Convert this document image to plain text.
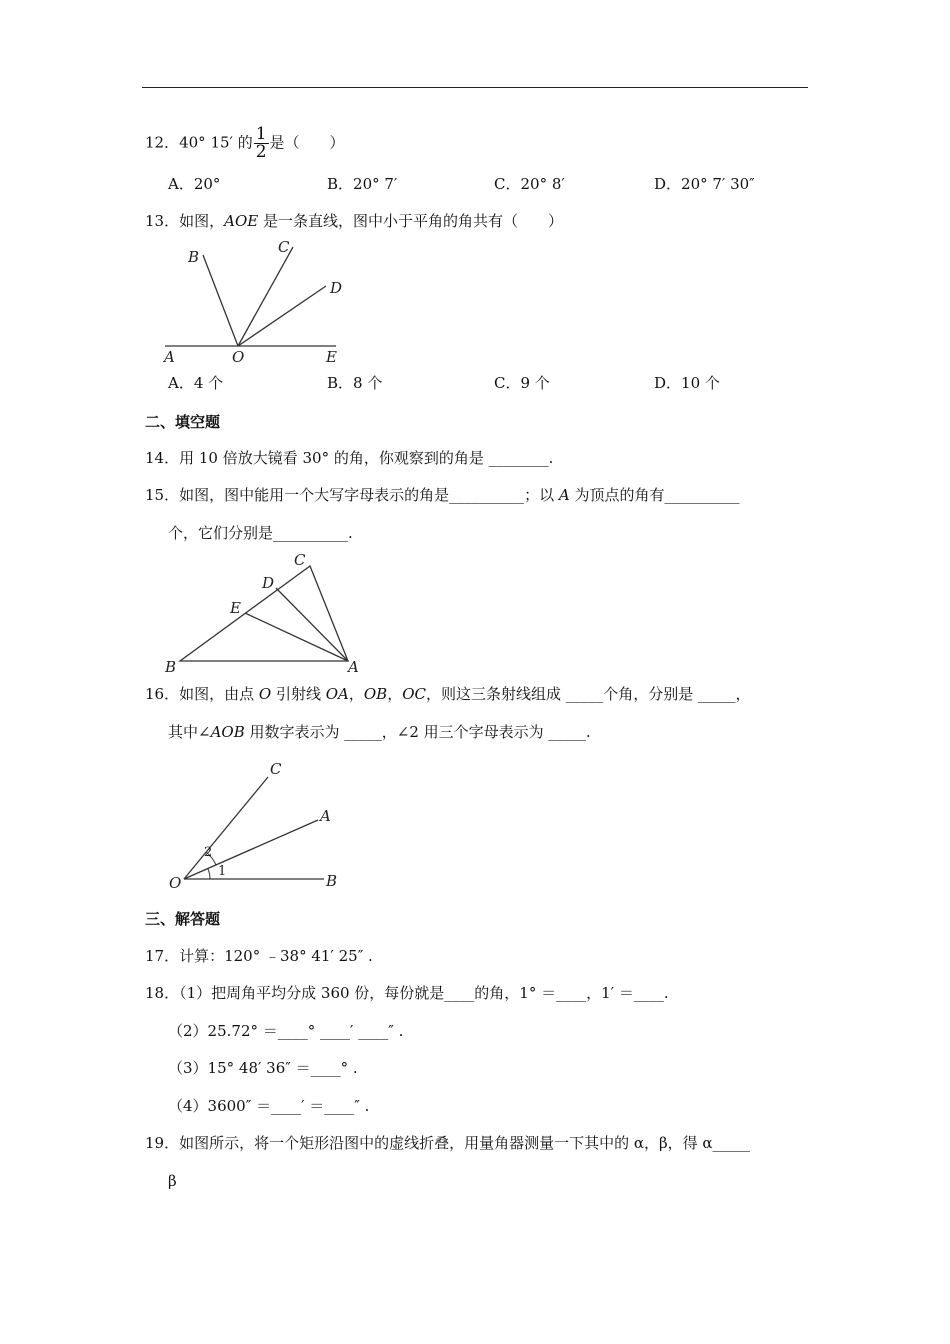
12．40° 15′ 的 $\frac{1}{2}$ 是（　　）
A．20°	B．20° 7′	C．20° 8′	D．20° 7′ 30″
13．如图，AOE 是一条直线，图中小于平角的角共有（　　）
B
C
D
A	O	E
A．4 个	B．8 个	C．9 个	D．10 个
二、填空题
14．用 10 倍放大镜看 30° 的角，你观察到的角是 ________.
15．如图，图中能用一个大写字母表示的角是__________；以 A 为顶点的角有__________
个，它们分别是__________.
C
D
E
B	A
16．如图，由点 O 引射线 OA，OB，OC，则这三条射线组成 _____个角，分别是 _____，
其中∠AOB 用数字表示为 _____，∠2 用三个字母表示为 _____.
C
A
O	B
1
2
三、解答题
17．计算：120° ﹣38° 41′ 25″ .
18．（1）把周角平均分成 360 份，每份就是____的角，1° ＝____，1′ ＝____.
（2）25.72° ＝____° ____′ ____″ .
（3）15° 48′ 36″ ＝____° .
（4）3600″ ＝____′ ＝____″ .
19．如图所示，将一个矩形沿图中的虚线折叠，用量角器测量一下其中的 α，β，得 α_____
β
